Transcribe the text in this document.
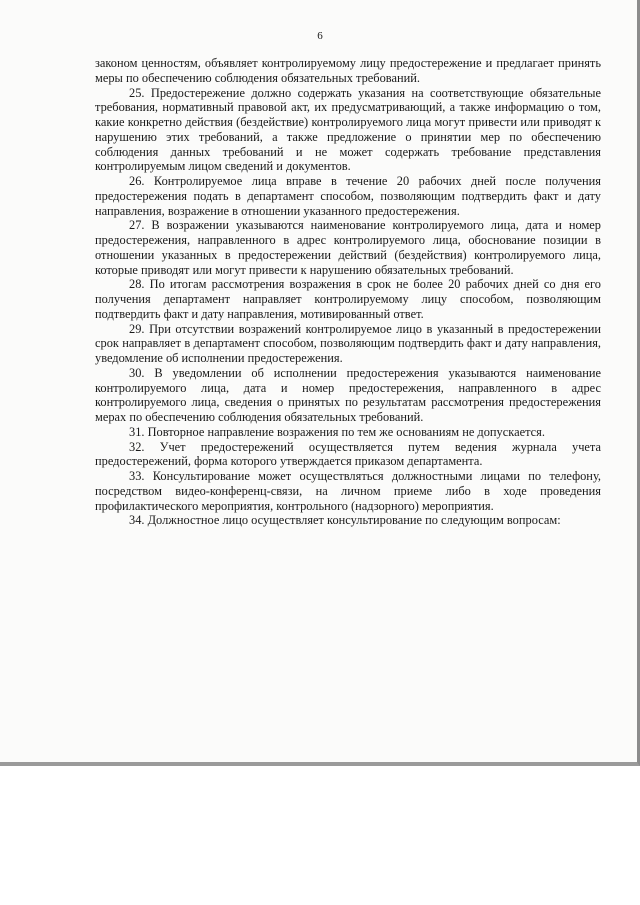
6

законом ценностям, объявляет контролируемому лицу предостережение и предлагает принять меры по обеспечению соблюдения обязательных требований.

25. Предостережение должно содержать указания на соответствующие обязательные требования, нормативный правовой акт, их предусматривающий, а также информацию о том, какие конкретно действия (бездействие) контролируемого лица могут привести или приводят к нарушению этих требований, а также предложение о принятии мер по обеспечению соблюдения данных требований и не может содержать требование представления контролируемым лицом сведений и документов.

26. Контролируемое лица вправе в течение 20 рабочих дней после получения предостережения подать в департамент способом, позволяющим подтвердить факт и дату направления, возражение в отношении указанного предостережения.

27. В возражении указываются наименование контролируемого лица, дата и номер предостережения, направленного в адрес контролируемого лица, обоснование позиции в отношении указанных в предостережении действий (бездействия) контролируемого лица, которые приводят или могут привести к нарушению обязательных требований.

28. По итогам рассмотрения возражения в срок не более 20 рабочих дней со дня его получения департамент направляет контролируемому лицу способом, позволяющим подтвердить факт и дату направления, мотивированный ответ.

29. При отсутствии возражений контролируемое лицо в указанный в предостережении срок направляет в департамент способом, позволяющим подтвердить факт и дату направления, уведомление об исполнении предостережения.

30. В уведомлении об исполнении предостережения указываются наименование контролируемого лица, дата и номер предостережения, направленного в адрес контролируемого лица, сведения о принятых по результатам рассмотрения предостережения мерах по обеспечению соблюдения обязательных требований.

31. Повторное направление возражения по тем же основаниям не допускается.

32. Учет предостережений осуществляется путем ведения журнала учета предостережений, форма которого утверждается приказом департамента.

33. Консультирование может осуществляться должностными лицами по телефону, посредством видео-конференц-связи, на личном приеме либо в ходе проведения профилактического мероприятия, контрольного (надзорного) мероприятия.

34. Должностное лицо осуществляет консультирование по следующим вопросам:
